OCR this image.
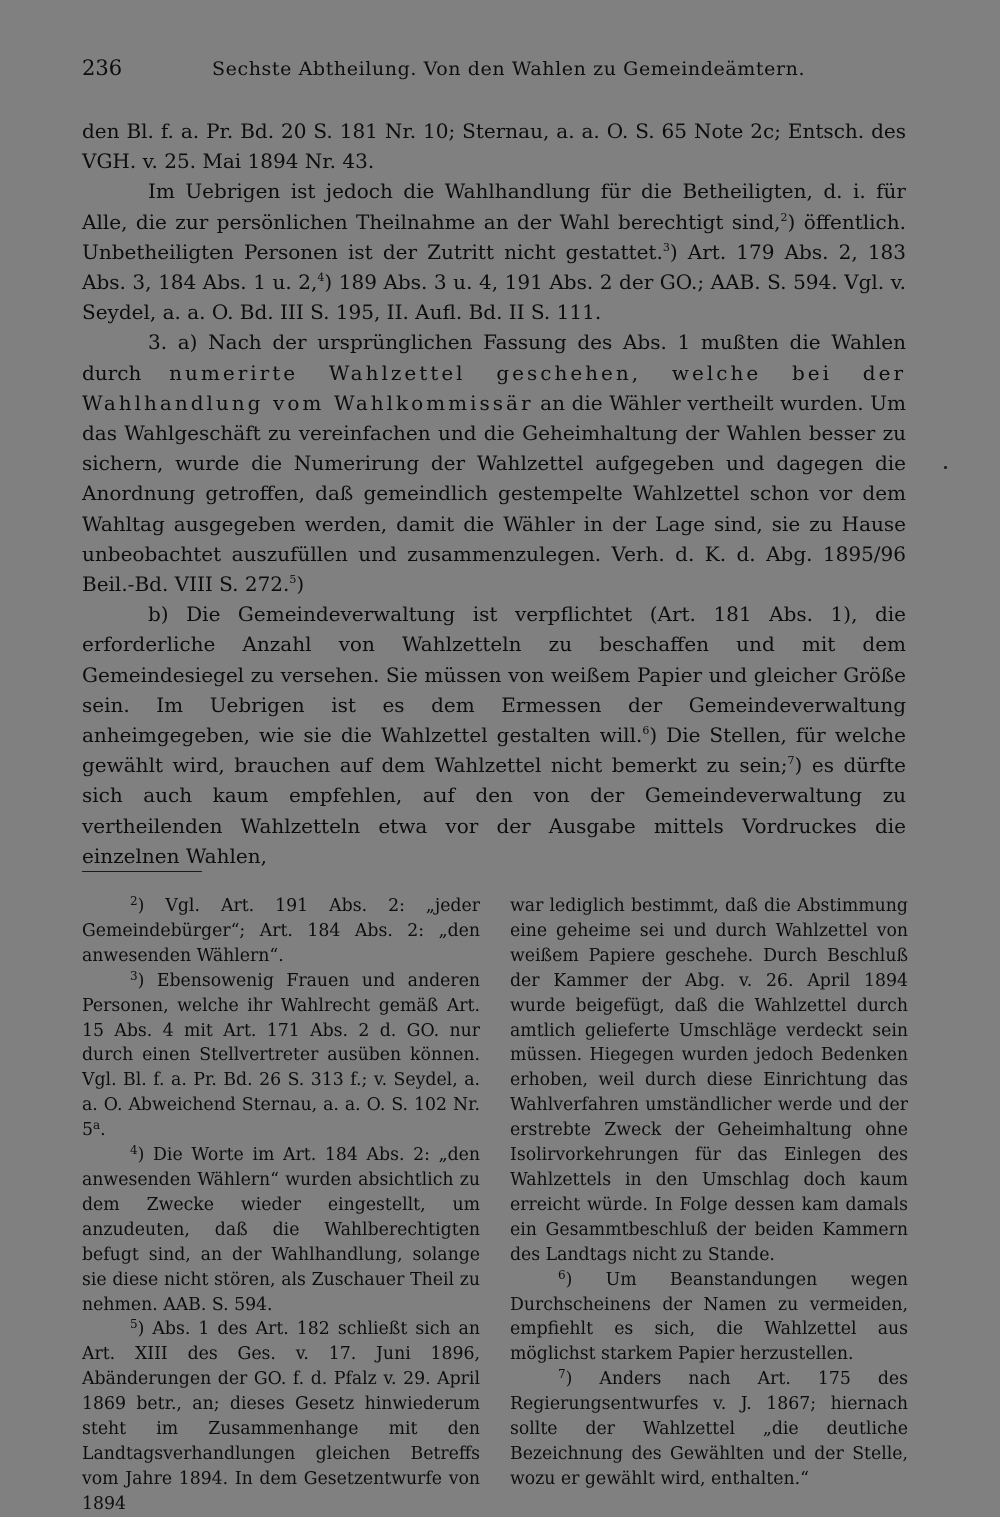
236	Sechste Abtheilung. Von den Wahlen zu Gemeindeämtern.

den Bl. f. a. Pr. Bd. 20 S. 181 Nr. 10; Sternau, a. a. O. S. 65 Note 2c; Entsch. des VGH. v. 25. Mai 1894 Nr. 43.

Im Uebrigen ist jedoch die Wahlhandlung für die Betheiligten, d. i. für Alle, die zur persönlichen Theilnahme an der Wahl berechtigt sind,$^2$) öffentlich. Unbetheiligten Personen ist der Zutritt nicht gestattet.$^3$) Art. 179 Abs. 2, 183 Abs. 3, 184 Abs. 1 u. 2,$^4$) 189 Abs. 3 u. 4, 191 Abs. 2 der GO.; AAB. S. 594. Vgl. v. Seydel, a. a. O. Bd. III S. 195, II. Aufl. Bd. II S. 111.

3. a) Nach der ursprünglichen Fassung des Abs. 1 mußten die Wahlen durch numerirte Wahlzettel geschehen, welche bei der Wahlhandlung vom Wahlkommissär an die Wähler vertheilt wurden. Um das Wahlgeschäft zu vereinfachen und die Geheimhaltung der Wahlen besser zu sichern, wurde die Numerirung der Wahlzettel aufgegeben und dagegen die Anordnung getroffen, daß gemeindlich gestempelte Wahlzettel schon vor dem Wahltag ausgegeben werden, damit die Wähler in der Lage sind, sie zu Hause unbeobachtet auszufüllen und zusammenzulegen. Verh. d. K. d. Abg. 1895/96 Beil.-Bd. VIII S. 272.$^5$)

b) Die Gemeindeverwaltung ist verpflichtet (Art. 181 Abs. 1), die erforderliche Anzahl von Wahlzetteln zu beschaffen und mit dem Gemeindesiegel zu versehen. Sie müssen von weißem Papier und gleicher Größe sein. Im Uebrigen ist es dem Ermessen der Gemeindeverwaltung anheimgegeben, wie sie die Wahlzettel gestalten will.$^6$) Die Stellen, für welche gewählt wird, brauchen auf dem Wahlzettel nicht bemerkt zu sein;$^7$) es dürfte sich auch kaum empfehlen, auf den von der Gemeindeverwaltung zu vertheilenden Wahlzetteln etwa vor der Ausgabe mittels Vordruckes die einzelnen Wahlen,

$^2$) Vgl. Art. 191 Abs. 2: „jeder Gemeindebürger“; Art. 184 Abs. 2: „den anwesenden Wählern“.

$^3$) Ebensowenig Frauen und anderen Personen, welche ihr Wahlrecht gemäß Art. 15 Abs. 4 mit Art. 171 Abs. 2 d. GO. nur durch einen Stellvertreter ausüben können. Vgl. Bl. f. a. Pr. Bd. 26 S. 313 f.; v. Seydel, a. a. O. Abweichend Sternau, a. a. O. S. 102 Nr. 5$^a$.

$^4$) Die Worte im Art. 184 Abs. 2: „den anwesenden Wählern“ wurden absichtlich zu dem Zwecke wieder eingestellt, um anzudeuten, daß die Wahlberechtigten befugt sind, an der Wahlhandlung, solange sie diese nicht stören, als Zuschauer Theil zu nehmen. AAB. S. 594.

$^5$) Abs. 1 des Art. 182 schließt sich an Art. XIII des Ges. v. 17. Juni 1896, Abänderungen der GO. f. d. Pfalz v. 29. April 1869 betr., an; dieses Gesetz hinwiederum steht im Zusammenhange mit den Landtagsverhandlungen gleichen Betreffs vom Jahre 1894. In dem Gesetzentwurfe von 1894

war lediglich bestimmt, daß die Abstimmung eine geheime sei und durch Wahlzettel von weißem Papiere geschehe. Durch Beschluß der Kammer der Abg. v. 26. April 1894 wurde beigefügt, daß die Wahlzettel durch amtlich gelieferte Umschläge verdeckt sein müssen. Hiegegen wurden jedoch Bedenken erhoben, weil durch diese Einrichtung das Wahlverfahren umständlicher werde und der erstrebte Zweck der Geheimhaltung ohne Isolirvorkehrungen für das Einlegen des Wahlzettels in den Umschlag doch kaum erreicht würde. In Folge dessen kam damals ein Gesammtbeschluß der beiden Kammern des Landtags nicht zu Stande.

$^6$) Um Beanstandungen wegen Durchscheinens der Namen zu vermeiden, empfiehlt es sich, die Wahlzettel aus möglichst starkem Papier herzustellen.

$^7$) Anders nach Art. 175 des Regierungsentwurfes v. J. 1867; hiernach sollte der Wahlzettel „die deutliche Bezeichnung des Gewählten und der Stelle, wozu er gewählt wird, enthalten.“
